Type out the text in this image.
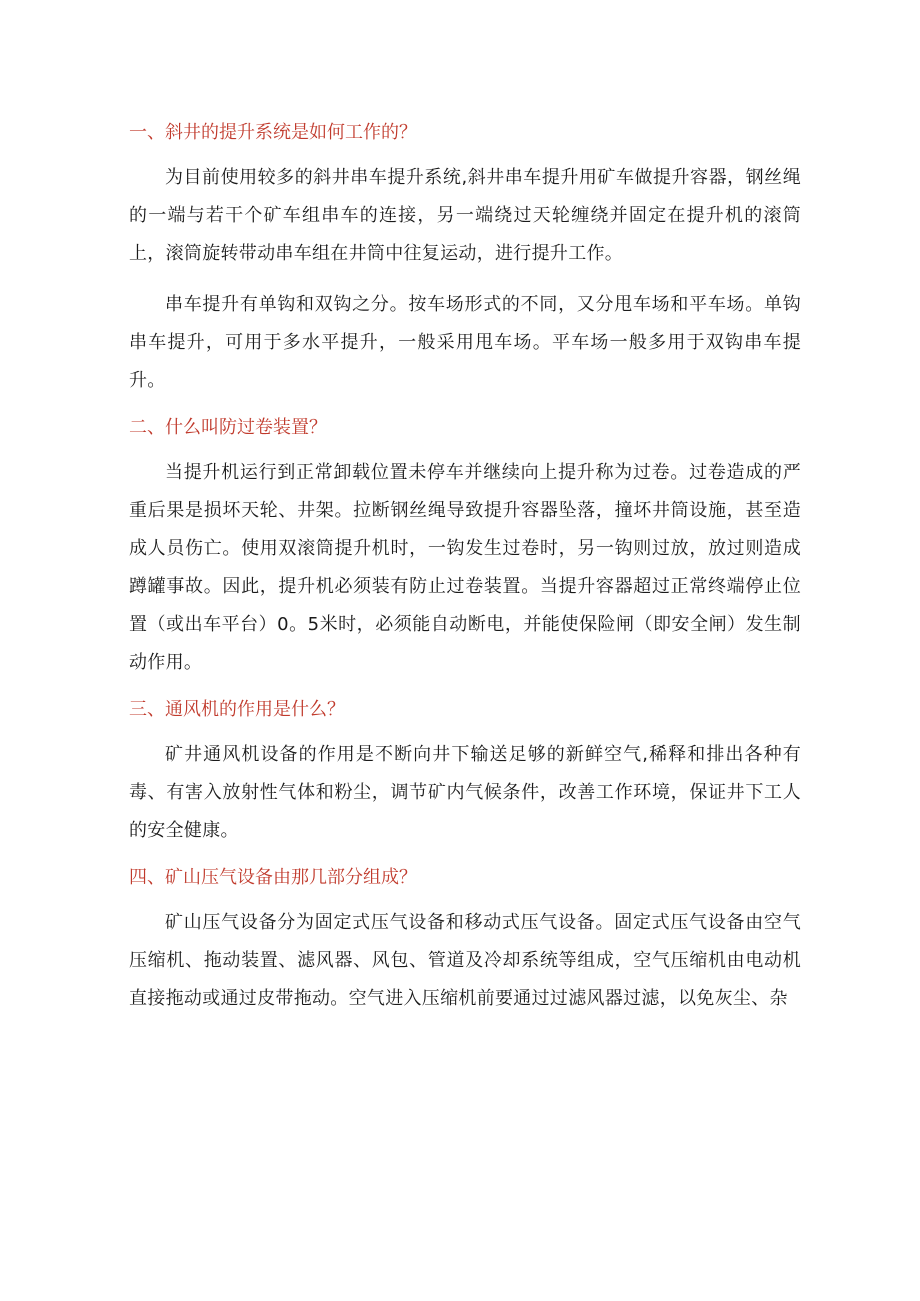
一、斜井的提升系统是如何工作的？

为目前使用较多的斜井串车提升系统,斜井串车提升用矿车做提升容器，钢丝绳的一端与若干个矿车组串车的连接，另一端绕过天轮缠绕并固定在提升机的滚筒上，滚筒旋转带动串车组在井筒中往复运动，进行提升工作。

串车提升有单钩和双钩之分。按车场形式的不同，又分甩车场和平车场。单钩串车提升，可用于多水平提升，一般采用甩车场。平车场一般多用于双钩串车提升。

二、什么叫防过卷装置？

当提升机运行到正常卸载位置未停车并继续向上提升称为过卷。过卷造成的严重后果是损坏天轮、井架。拉断钢丝绳导致提升容器坠落，撞坏井筒设施，甚至造成人员伤亡。使用双滚筒提升机时，一钩发生过卷时，另一钩则过放，放过则造成蹲罐事故。因此，提升机必须装有防止过卷装置。当提升容器超过正常终端停止位置（或出车平台）0。5米时，必须能自动断电，并能使保险闸（即安全闸）发生制动作用。

三、通风机的作用是什么？

矿井通风机设备的作用是不断向井下输送足够的新鲜空气,稀释和排出各种有毒、有害入放射性气体和粉尘，调节矿内气候条件，改善工作环境，保证井下工人的安全健康。

四、矿山压气设备由那几部分组成？

矿山压气设备分为固定式压气设备和移动式压气设备。固定式压气设备由空气压缩机、拖动装置、滤风器、风包、管道及冷却系统等组成，空气压缩机由电动机直接拖动或通过皮带拖动。空气进入压缩机前要通过过滤风器过滤，以免灰尘、杂
